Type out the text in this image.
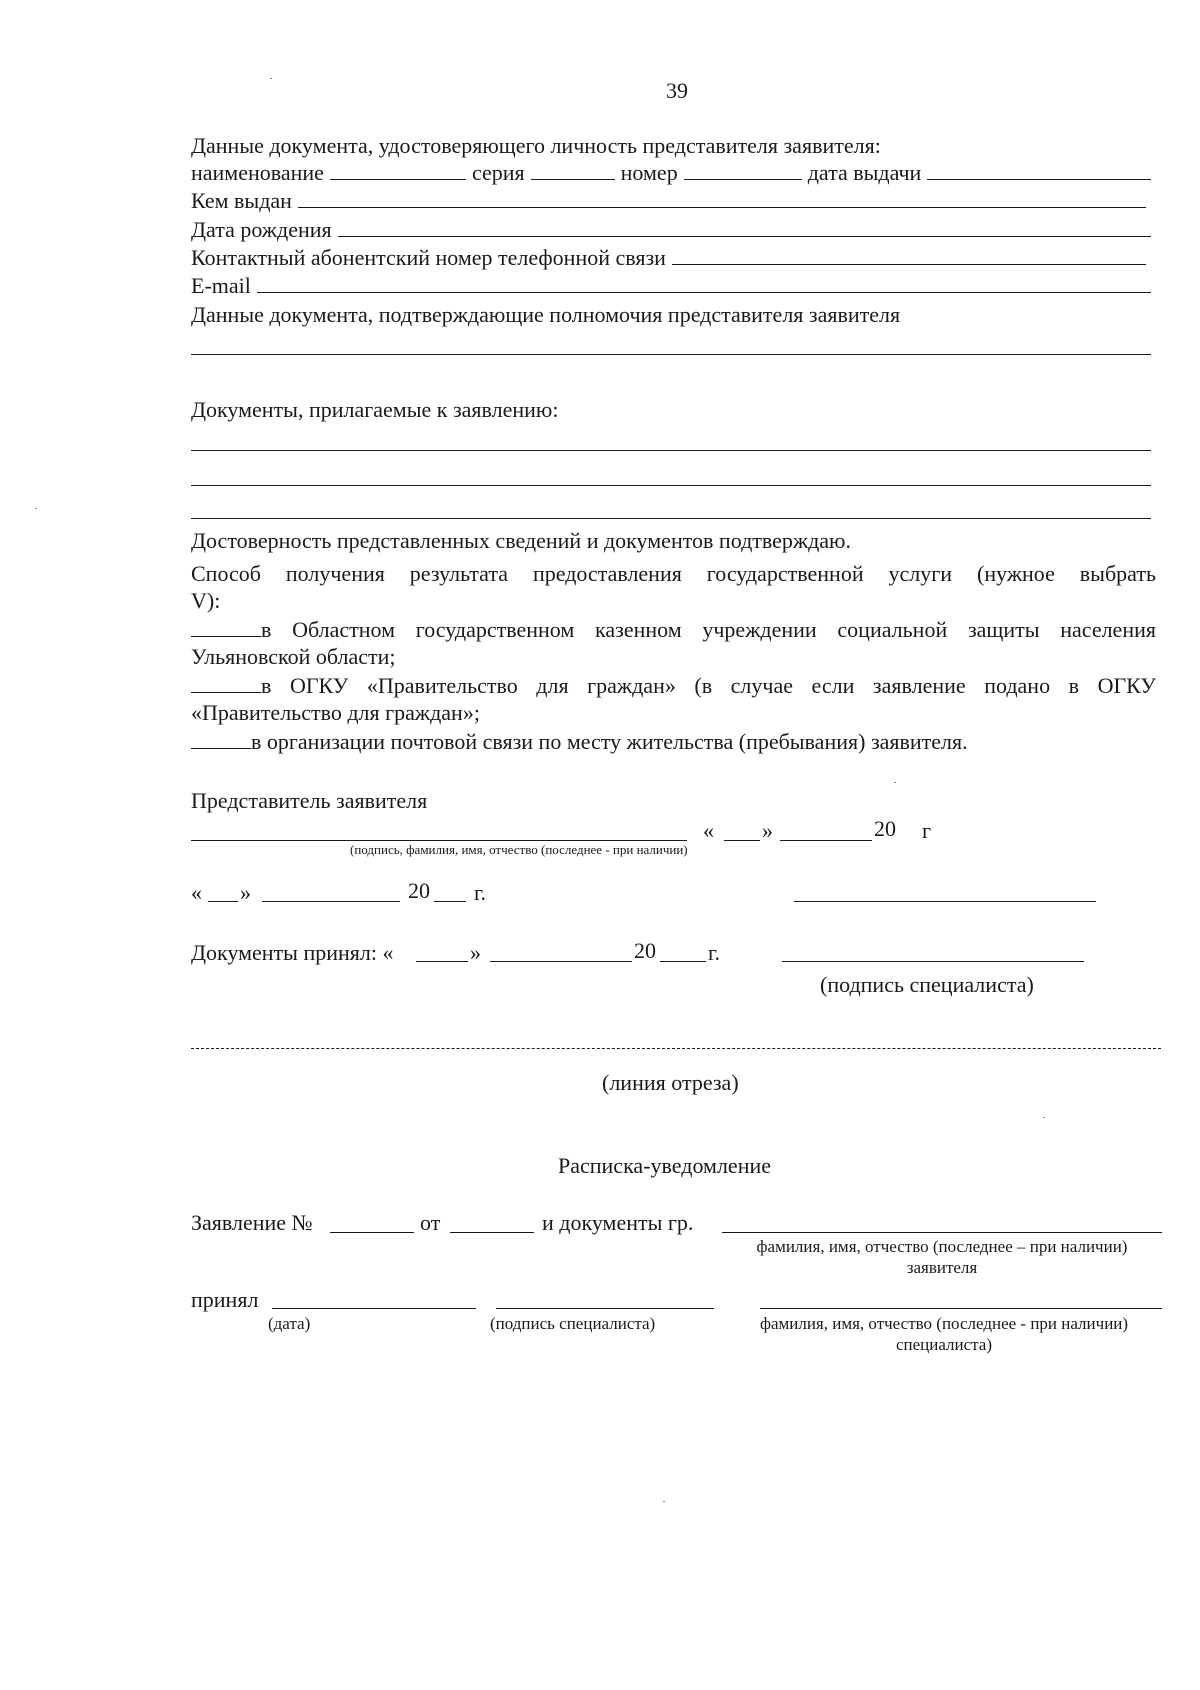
39
Данные документа, удостоверяющего личность представителя заявителя:
наименование	серия	номер	дата выдачи
Кем выдан
Дата рождения
Контактный абонентский номер телефонной связи
E-mail
Данные документа, подтверждающие полномочия представителя заявителя
Документы, прилагаемые к заявлению:
Достоверность представленных сведений и документов подтверждаю.
Способ получения результата предоставления государственной услуги (нужное выбрать
V):
в Областном государственном казенном учреждении социальной защиты населения
Ульяновской области;
в ОГКУ «Правительство для граждан» (в случае если заявление подано в ОГКУ
«Правительство для граждан»;
в организации почтовой связи по месту жительства (пребывания) заявителя.
Представитель заявителя
« »	20 г
(подпись, фамилия, имя, отчество (последнее - при наличии)
« »	20 г.
Документы принял: «	»	20 г.
(подпись специалиста)
(линия отреза)
Расписка-уведомление
Заявление №	от	и документы гр.
фамилия, имя, отчество (последнее – при наличии)
заявителя
принял
(дата)	(подпись специалиста)	фамилия, имя, отчество (последнее - при наличии)
специалиста)
